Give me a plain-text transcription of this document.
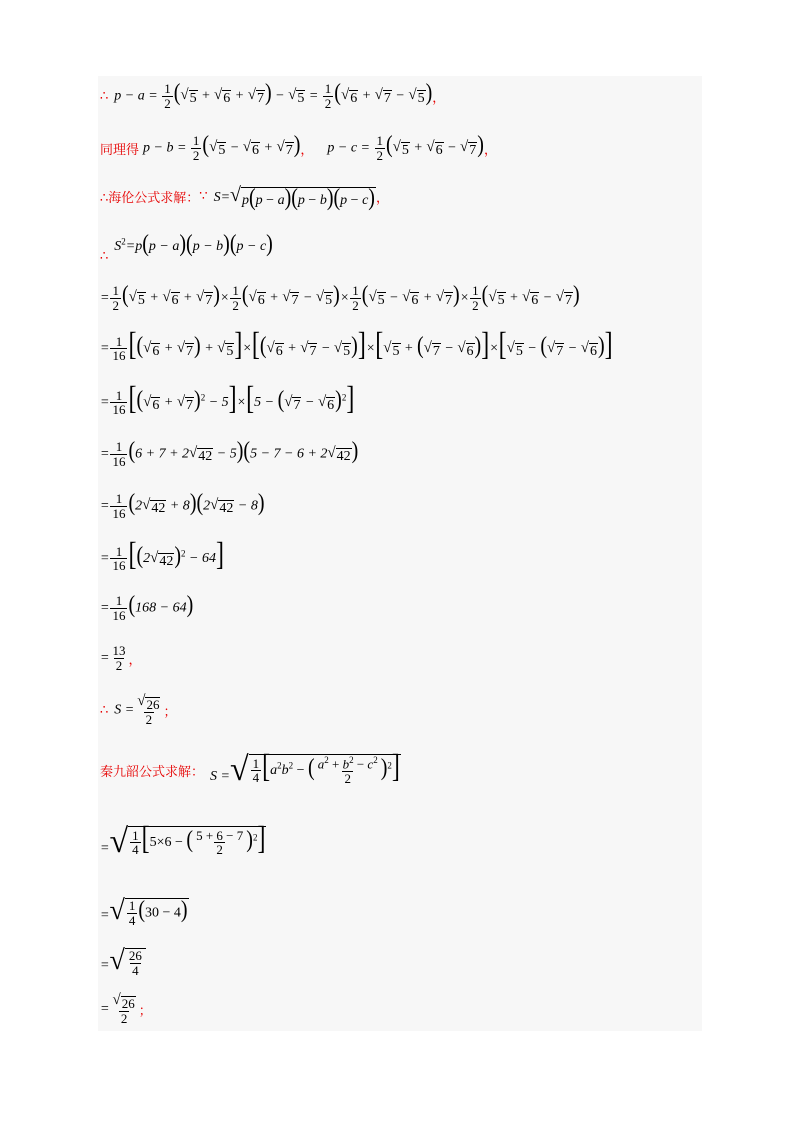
∴ $p - a = \frac{1}{2}$ ( √ 5 + √ 6 + √ 7 ) − √ $5 = \frac{1}{2}$ ( √ 6 + √ 7 − √ 5 ) ，
同理得 $p - b = \frac{1}{2}$ ( √ 5 − √ 6 + √ 7 ) ， $p - c = \frac{1}{2}$ ( √ 5 + √ 6 − √ 7 ) ，
∴海伦公式求解： ∵ S= √ p(p − a)(p − b)(p − c) ，
∴
$S^2=p(p - a)(p - b)(p - c)$
= $\frac{1}{2}$ ( √ 5 + √ 6 + √ 7 )× $\frac{1}{2}$ ( √ 6 + √ 7 − √ 5 )× $\frac{1}{2}$ ( √ 5 − √ 6 + √ 7 )× $\frac{1}{2}$ ( √ 5 + √ 6 − √ 7 )
= $\frac{1}{16}$ [( √ 6 + √ 7 ) + √ 5 ]×[( √ 6 + √ 7 − √ 5 )]×[ √ 5 + ( √ 7 − √ 6 )]×[ √ 5 − ( √ 7 − √ 6 )]
= $\frac{1}{16}$ [( √ 6 + √ 7 )$^2$ − 5]×[5 − ( √ 7 − √ 6 )$^2$]
= $\frac{1}{16} (6 + 7 + 2$ √ 42 − 5)(5 − 7 − 6 + 2 √ 42 )
= $\frac{1}{16} (2$ √ 42 + 8)(2 √ 42 − 8)
= $\frac{1}{16} [(2$ √ 42 )$^2$ − 64]
= $\frac{1}{16} (168 - 64)$
= $\frac{13}{2}$ ，
∴ $S = \frac{√ 26}{2}$ ；
秦九韶公式求解： S = √ $\frac{1}{4} [a^2b^2$ − ( $\frac{a^2 + b^2 - c^2}{2} )^2$]
= √ $\frac{1}{4} [5\times 6$ − ( $\frac{5 + 6 - 7}{2} )^2$]
= √ $\frac{1}{4} (30 - 4)$
= √ $\frac{26}{4}$
= $\frac{√ 26}{2}$ ；
